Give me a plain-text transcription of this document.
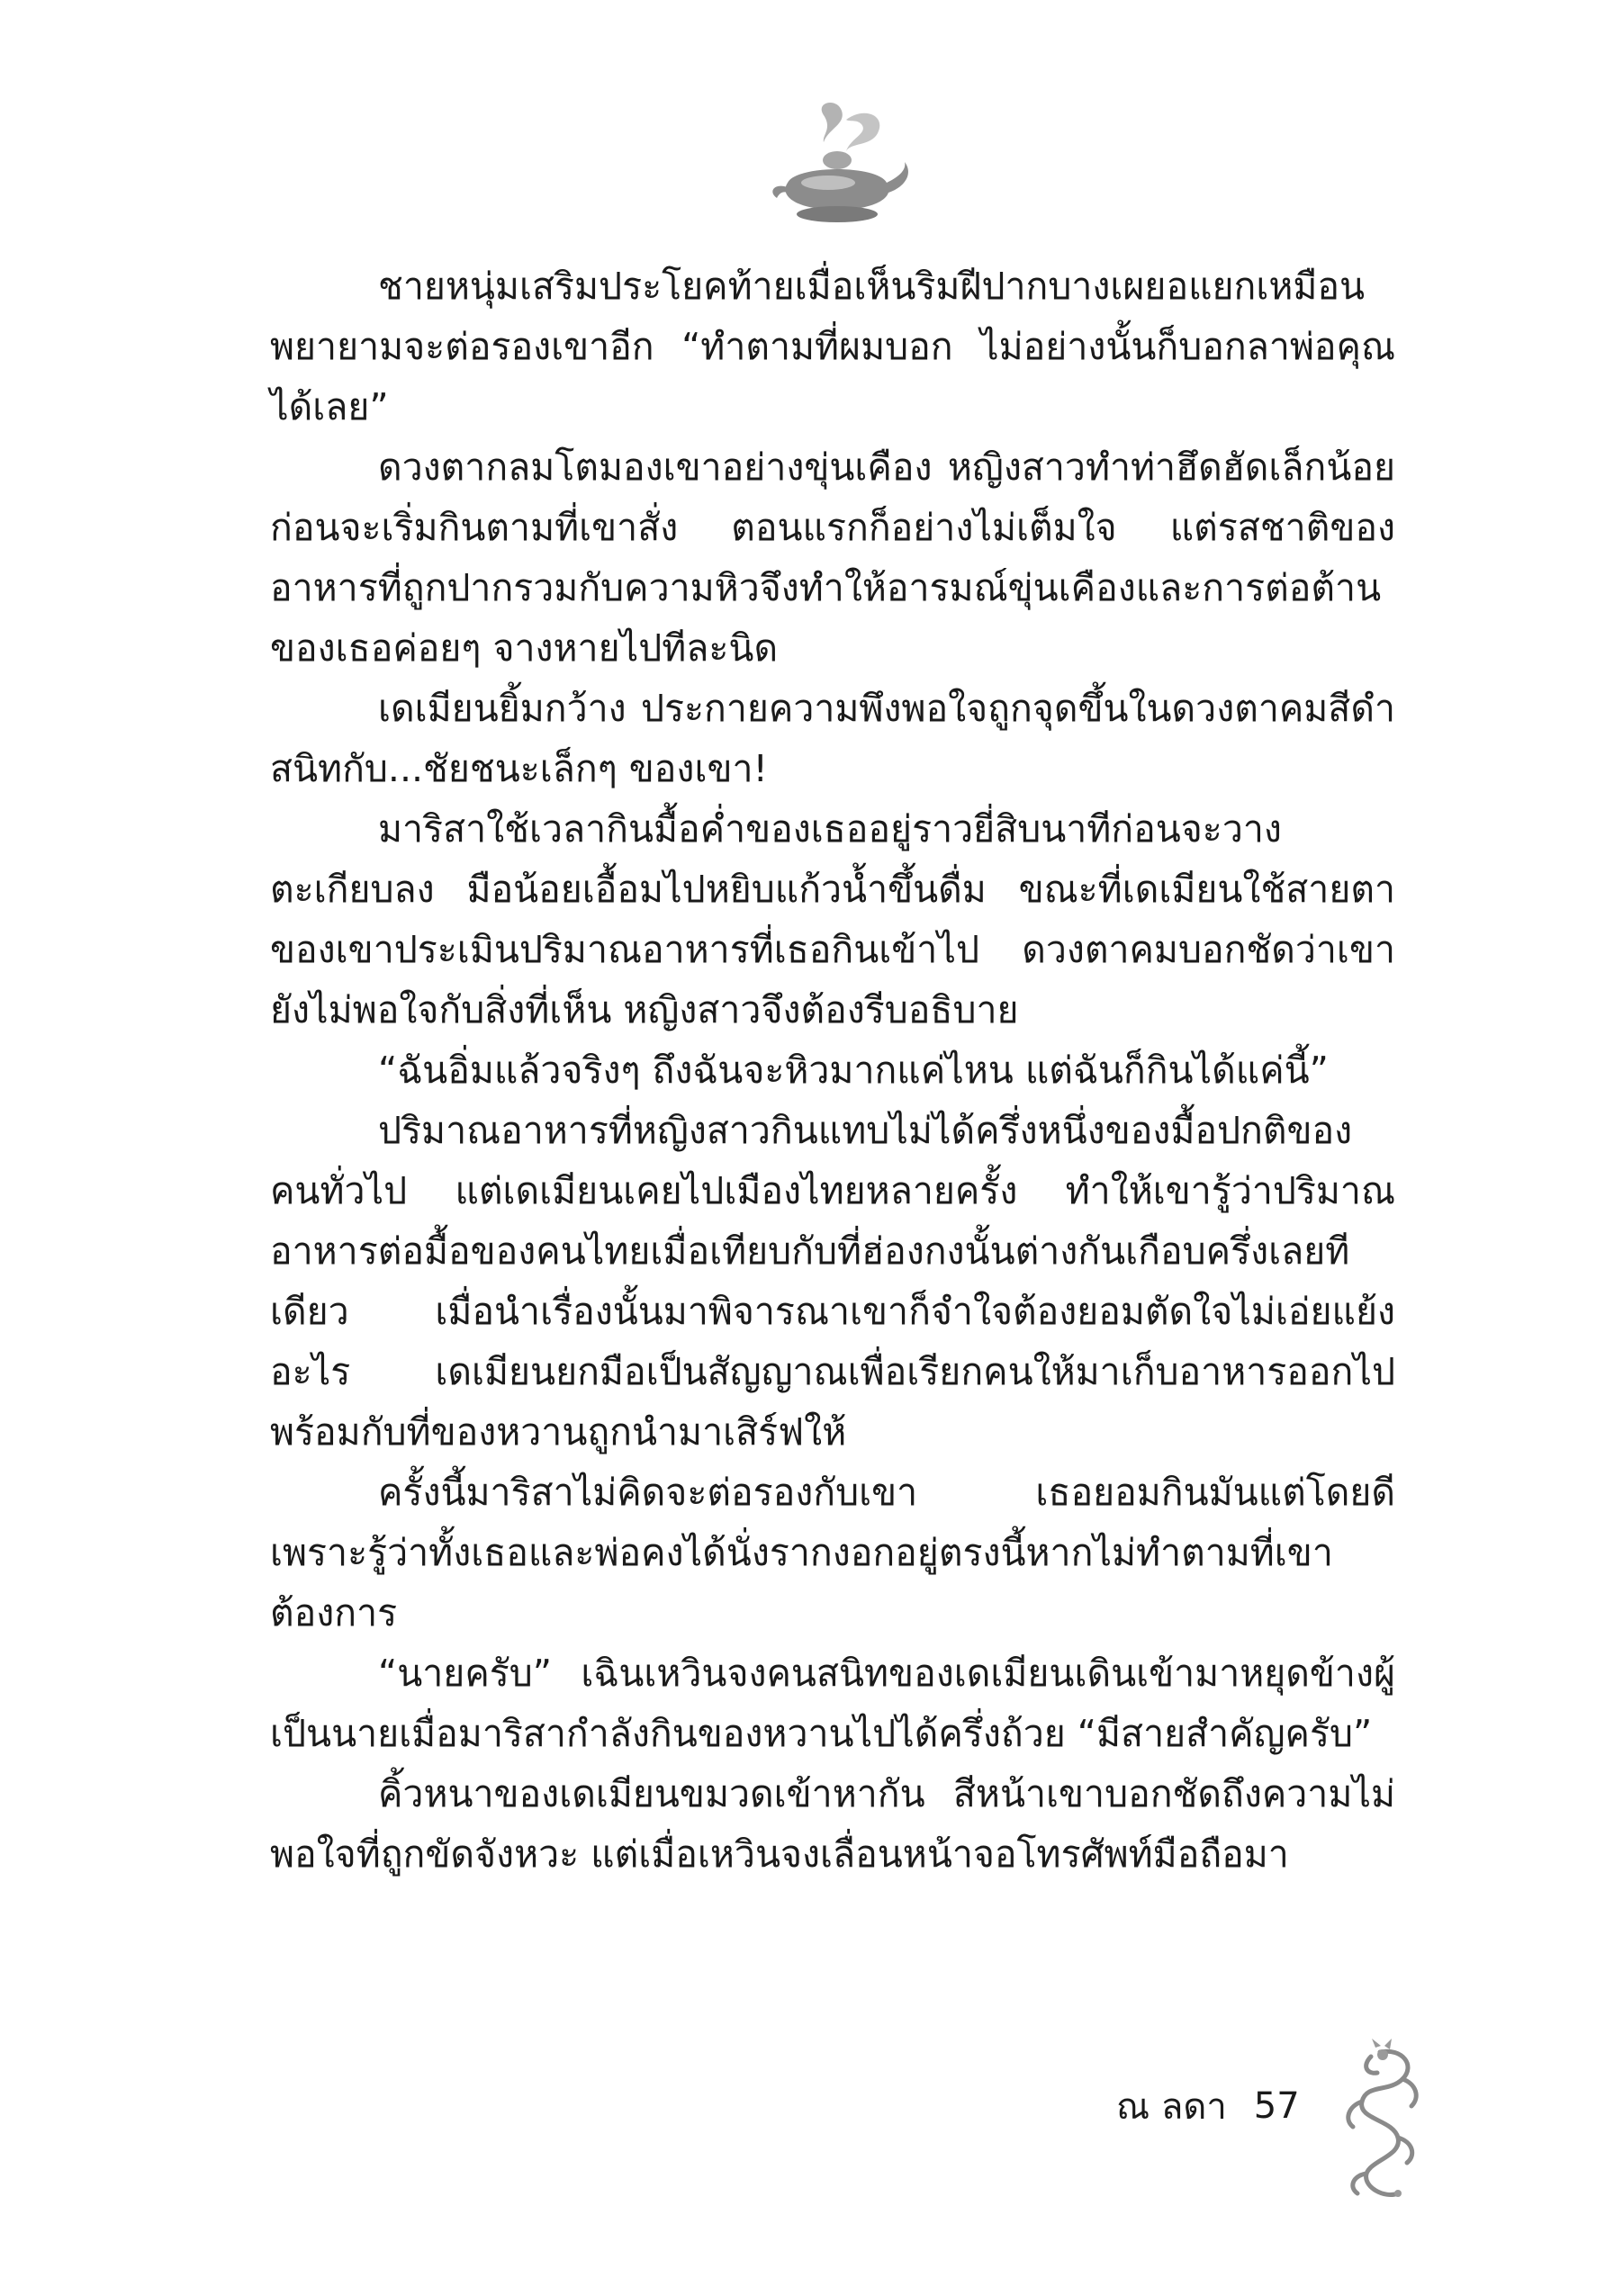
ชายหนุ่มเสริมประโยคท้ายเมื่อเห็นริมฝีปากบางเผยอแยกเหมือนพยายามจะต่อรองเขาอีก “ทำตามที่ผมบอก ไม่อย่างนั้นก็บอกลาพ่อคุณได้เลย”

ดวงตากลมโตมองเขาอย่างขุ่นเคือง หญิงสาวทำท่าฮึดฮัดเล็กน้อยก่อนจะเริ่มกินตามที่เขาสั่ง ตอนแรกก็อย่างไม่เต็มใจ แต่รสชาติของอาหารที่ถูกปากรวมกับความหิวจึงทำให้อารมณ์ขุ่นเคืองและการต่อต้านของเธอค่อยๆ จางหายไปทีละนิด

เดเมียนยิ้มกว้าง ประกายความพึงพอใจถูกจุดขึ้นในดวงตาคมสีดำสนิทกับ...ชัยชนะเล็กๆ ของเขา!

มาริสาใช้เวลากินมื้อค่ำของเธออยู่ราวยี่สิบนาทีก่อนจะวางตะเกียบลง มือน้อยเอื้อมไปหยิบแก้วน้ำขึ้นดื่ม ขณะที่เดเมียนใช้สายตาของเขาประเมินปริมาณอาหารที่เธอกินเข้าไป ดวงตาคมบอกชัดว่าเขายังไม่พอใจกับสิ่งที่เห็น หญิงสาวจึงต้องรีบอธิบาย

“ฉันอิ่มแล้วจริงๆ ถึงฉันจะหิวมากแค่ไหน แต่ฉันก็กินได้แค่นี้”

ปริมาณอาหารที่หญิงสาวกินแทบไม่ได้ครึ่งหนึ่งของมื้อปกติของคนทั่วไป แต่เดเมียนเคยไปเมืองไทยหลายครั้ง ทำให้เขารู้ว่าปริมาณอาหารต่อมื้อของคนไทยเมื่อเทียบกับที่ฮ่องกงนั้นต่างกันเกือบครึ่งเลยทีเดียว เมื่อนำเรื่องนั้นมาพิจารณาเขาก็จำใจต้องยอมตัดใจไม่เอ่ยแย้งอะไร เดเมียนยกมือเป็นสัญญาณเพื่อเรียกคนให้มาเก็บอาหารออกไป พร้อมกับที่ของหวานถูกนำมาเสิร์ฟให้

ครั้งนี้มาริสาไม่คิดจะต่อรองกับเขา เธอยอมกินมันแต่โดยดี เพราะรู้ว่าทั้งเธอและพ่อคงได้นั่งรากงอกอยู่ตรงนี้หากไม่ทำตามที่เขาต้องการ

“นายครับ” เฉินเหวินจงคนสนิทของเดเมียนเดินเข้ามาหยุดข้างผู้เป็นนายเมื่อมาริสากำลังกินของหวานไปได้ครึ่งถ้วย “มีสายสำคัญครับ”

คิ้วหนาของเดเมียนขมวดเข้าหากัน สีหน้าเขาบอกชัดถึงความไม่พอใจที่ถูกขัดจังหวะ แต่เมื่อเหวินจงเลื่อนหน้าจอโทรศัพท์มือถือมา

ณ ลดา 57
